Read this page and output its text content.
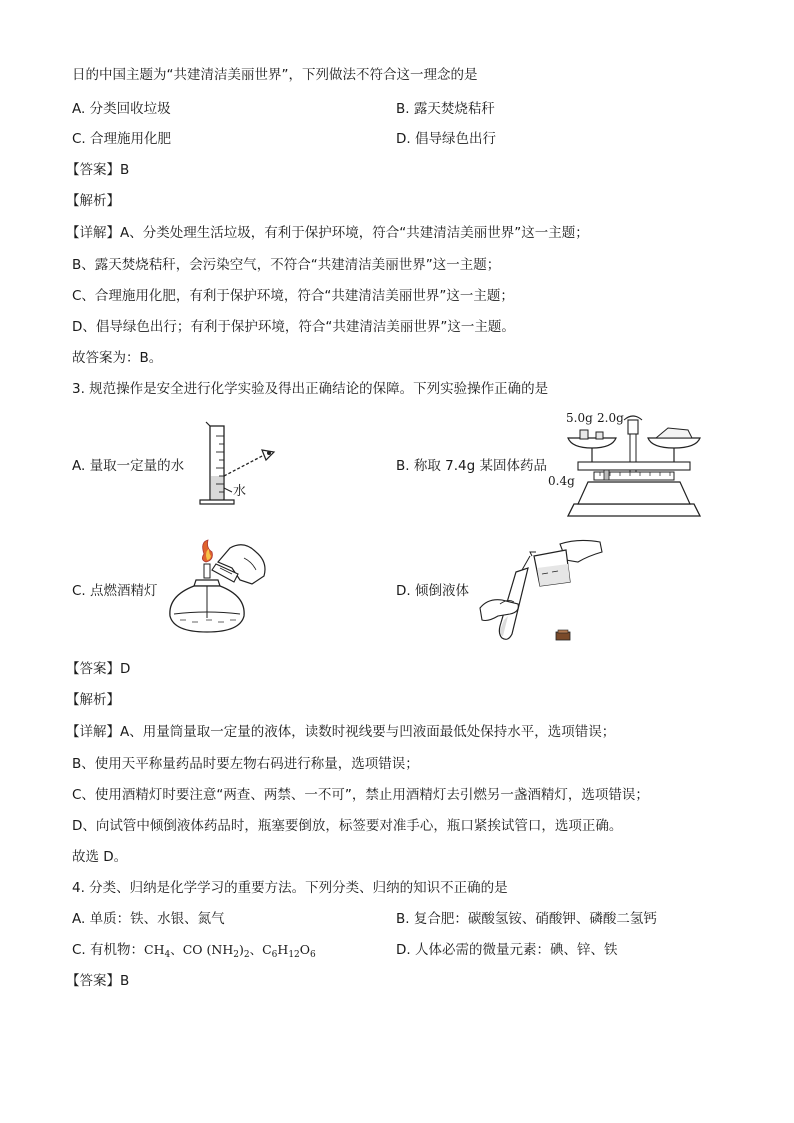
日的中国主题为“共建清洁美丽世界”，下列做法不符合这一理念的是
A. 分类回收垃圾	B. 露天焚烧秸秆
C. 合理施用化肥	D. 倡导绿色出行
【答案】B
【解析】
【详解】A、分类处理生活垃圾，有利于保护环境，符合“共建清洁美丽世界”这一主题；
B、露天焚烧秸秆，会污染空气，不符合“共建清洁美丽世界”这一主题；
C、合理施用化肥，有利于保护环境，符合“共建清洁美丽世界”这一主题；
D、倡导绿色出行；有利于保护环境，符合“共建清洁美丽世界”这一主题。
故答案为：B。
3. 规范操作是安全进行化学实验及得出正确结论的保障。下列实验操作正确的是
A. 量取一定量的水
水
B. 称取 7.4g 某固体药品
5.0g 2.0g
0.4g
C. 点燃酒精灯	D. 倾倒液体
【答案】D
【解析】
【详解】A、用量筒量取一定量的液体，读数时视线要与凹液面最低处保持水平，选项错误；
B、使用天平称量药品时要左物右码进行称量，选项错误；
C、使用酒精灯时要注意“两查、两禁、一不可”，禁止用酒精灯去引燃另一盏酒精灯，选项错误；
D、向试管中倾倒液体药品时，瓶塞要倒放，标签要对准手心，瓶口紧挨试管口，选项正确。
故选 D。
4. 分类、归纳是化学学习的重要方法。下列分类、归纳的知识不正确的是
A. 单质：铁、水银、氮气	B. 复合肥：碳酸氢铵、硝酸钾、磷酸二氢钙
C. 有机物：$CH_4$、CO $(NH_2)_2$、$C_6H_{12}O_6$	D. 人体必需的微量元素：碘、锌、铁
【答案】B
